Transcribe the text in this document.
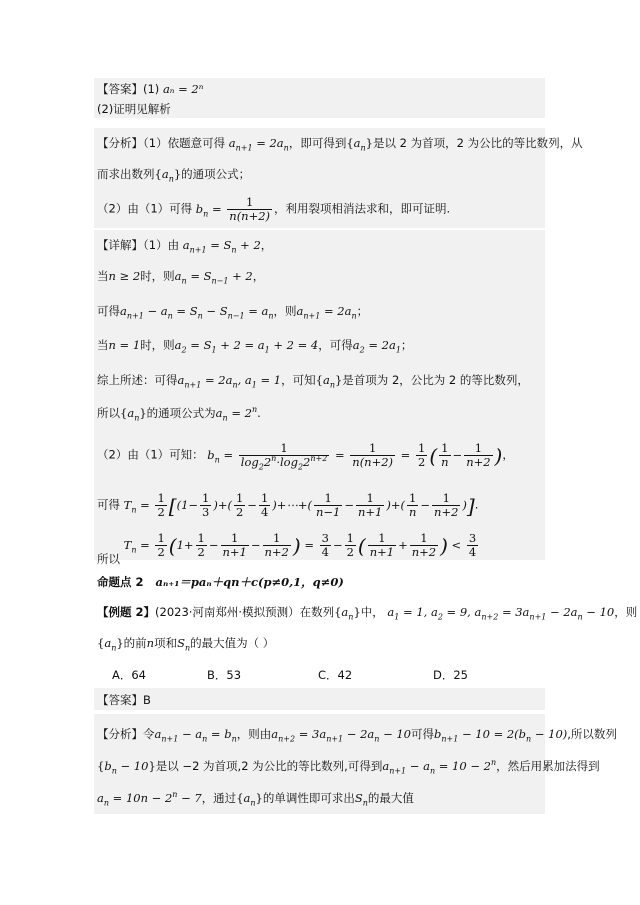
【答案】(1) aₙ = 2ⁿ
(2)证明见解析
【分析】（1）依题意可得 $a_{n+1} = 2a_n$，即可得到$\{a_n\}$是以 2 为首项，2 为公比的等比数列，从
而求出数列$\{a_n\}$的通项公式；
（2）由（1）可得 $b_n = \frac{1}{n(n+2)}$ ，利用裂项相消法求和，即可证明.
【详解】（1）由 $a_{n+1} = S_n + 2$，
当n ≥ 2时，则$a_n = S_{n-1} + 2$，
可得$a_{n+1} - a_n = S_n - S_{n-1} = a_n$，则$a_{n+1} = 2a_n$；
当n = 1时，则$a_2 = S_1 + 2 = a_1 + 2 = 4$，可得$a_2 = 2a_1$；
综上所述：可得$a_{n+1} = 2a_n$, $a_1 = 1$，可知$\{a_n\}$是首项为 2，公比为 2 的等比数列，
所以$\{a_n\}$的通项公式为$a_n = 2^n$.
（2）由（1）可知： $b_n = \frac{1}{\log_22^n\cdot\log_22^{n+2}} = \frac{1}{n(n+2)} = \frac{1}{2}$ ( $\frac{1}{n} - \frac{1}{n+2}$ )，
可得 $T_n = \frac{1}{2} [(1- \frac{1}{3}$ )+( $\frac{1}{2} - \frac{1}{4}$ )+⋯+( $\frac{1}{n-1} - \frac{1}{n+1}$ )+( $\frac{1}{n} - \frac{1}{n+2}$ )].
所以 $T_n = \frac{1}{2} (1+ \frac{1}{2} - \frac{1}{n+1} - \frac{1}{n+2}$ ) = $\frac{3}{4} - \frac{1}{2}$ ( $\frac{1}{n+1} + \frac{1}{n+2}$ ) < $\frac{3}{4}$
命题点 2 aₙ₊₁＝paₙ＋qn＋c(p≠0,1，q≠0)
【例题 2】(2023·河南郑州·模拟预测）在数列$\{a_n\}$中， $a_1 = 1$, $a_2 = 9$, $a_{n+2} = 3a_{n+1} - 2a_n - 10$，则
$\{a_n\}$的前n项和$S_n$的最大值为（ ）
A．64	B．53	C．42	D．25
【答案】B
【分析】令$a_{n+1} - a_n = b_n$，则由$a_{n+2} = 3a_{n+1} - 2a_n - 10$可得$b_{n+1} - 10 = 2(b_n - 10)$,所以数列
$\{b_n - 10\}$是以 −2 为首项,2 为公比的等比数列,可得到$a_{n+1} - a_n = 10 - 2^n$，然后用累加法得到
$a_n = 10n - 2^n - 7$，通过$\{a_n\}$的单调性即可求出$S_n$的最大值
